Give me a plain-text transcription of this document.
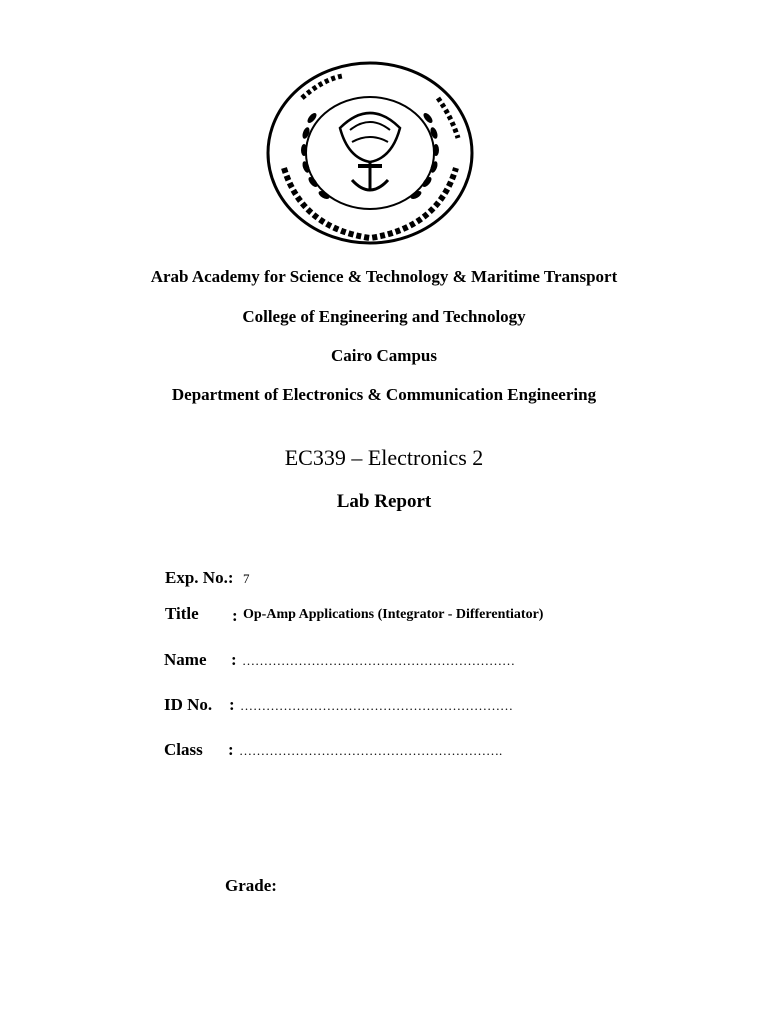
Arab Academy for Science & Technology & Maritime Transport
College of Engineering and Technology
Cairo Campus
Department of Electronics & Communication Engineering
EC339 – Electronics 2
Lab Report
Exp. No.: 7
Title : Op-Amp Applications (Integrator - Differentiator)
Name : ………………………………………………………
ID No. : ………………………………………………………
Class : …………………………………………………….
Grade:
